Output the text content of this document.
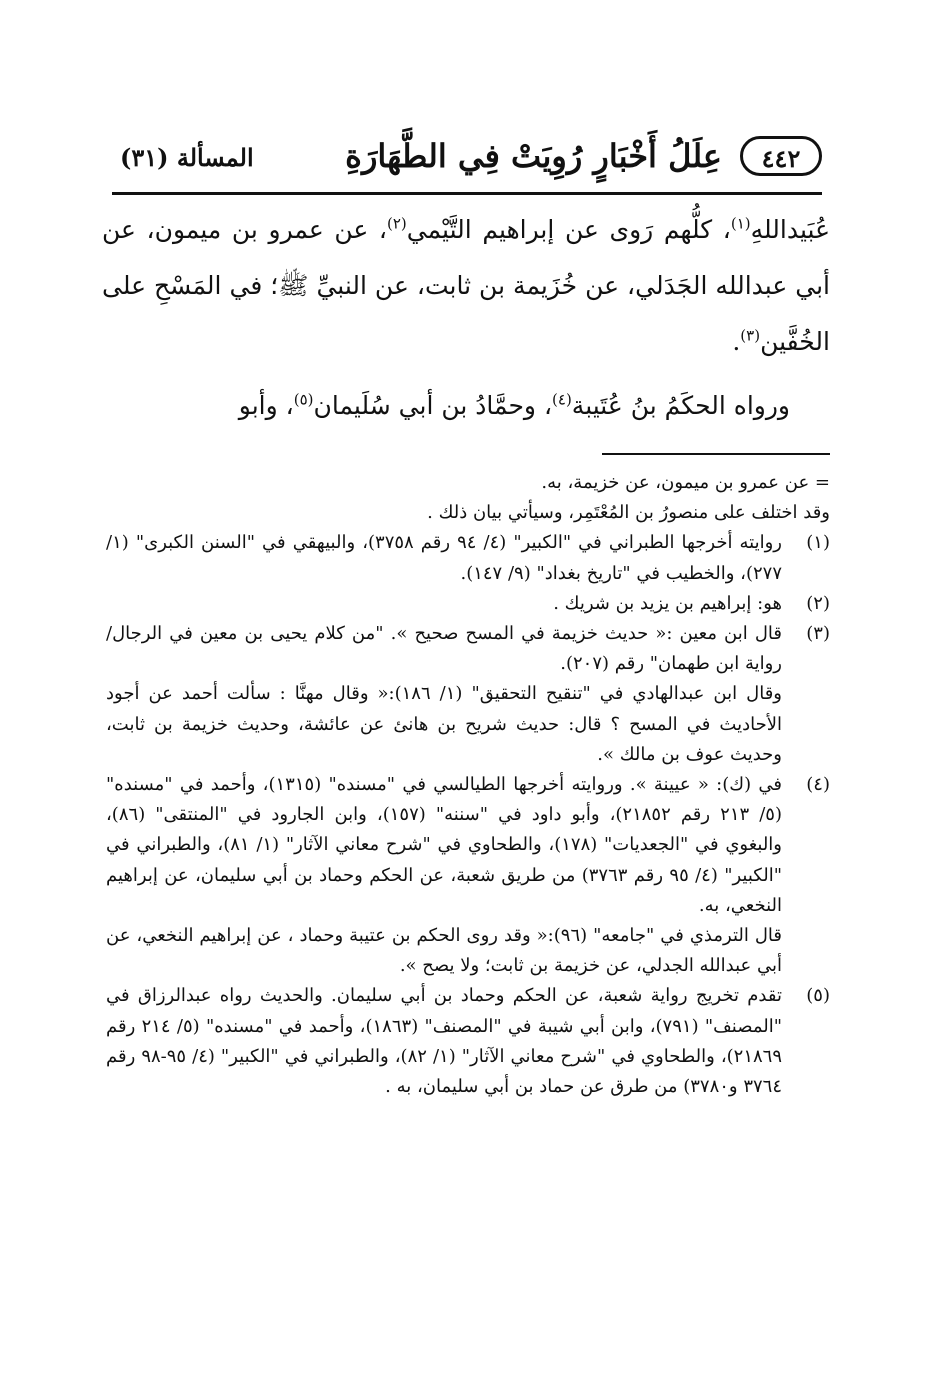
٤٤٢
عِلَلُ أَخْبَارٍ رُوِيَتْ فِي الطَّهَارَةِ
المسألة (٣١)

عُبَيداللهِ$^{(١)}$، كلُّهم رَوى عن إبراهيم التَّيْمي$^{(٢)}$، عن عمرو بن ميمون، عن أبي عبدالله الجَدَلي، عن خُزَيمة بن ثابت، عن النبيِّ ﷺ؛ في المَسْحِ على الخُفَّين$^{(٣)}$.

ورواه الحكَمُ بنُ عُتَيبة$^{(٤)}$، وحمَّادُ بن أبي سُلَيمان$^{(٥)}$، وأبو

= عن عمرو بن ميمون، عن خزيمة، به.

وقد اختلف على منصورُ بن المُعْتَمِر، وسيأتي بيان ذلك .

(١)

روايته أخرجها الطبراني في "الكبير" (٤/ ٩٤ رقم ٣٧٥٨)، والبيهقي في "السنن الكبرى" (١/ ٢٧٧)، والخطيب في "تاريخ بغداد" (٩/ ١٤٧).

(٢)

هو: إبراهيم بن يزيد بن شريك .

(٣)

قال ابن معين :« حديث خزيمة في المسح صحيح ». "من كلام يحيى بن معين في الرجال/ رواية ابن طهمان" رقم (٢٠٧).

وقال ابن عبدالهادي في "تنقيح التحقيق" (١/ ١٨٦):« وقال مهنَّا : سألت أحمد عن أجود الأحاديث في المسح ؟ قال: حديث شريح بن هانئ عن عائشة، وحديث خزيمة بن ثابت، وحديث عوف بن مالك ».

(٤)

في (ك): « عيينة ». وروايته أخرجها الطيالسي في "مسنده" (١٣١٥)، وأحمد في "مسنده" (٥/ ٢١٣ رقم ٢١٨٥٢)، وأبو داود في "سننه" (١٥٧)، وابن الجارود في "المنتقى" (٨٦)، والبغوي في "الجعديات" (١٧٨)، والطحاوي في "شرح معاني الآثار" (١/ ٨١)، والطبراني في "الكبير" (٤/ ٩٥ رقم ٣٧٦٣) من طريق شعبة، عن الحكم وحماد بن أبي سليمان، عن إبراهيم النخعي، به.

قال الترمذي في "جامعه" (٩٦):« وقد روى الحكم بن عتيبة وحماد ، عن إبراهيم النخعي، عن أبي عبدالله الجدلي، عن خزيمة بن ثابت؛ ولا يصح ».

(٥)

تقدم تخريج رواية شعبة، عن الحكم وحماد بن أبي سليمان. والحديث رواه عبدالرزاق في "المصنف" (٧٩١)، وابن أبي شيبة في "المصنف" (١٨٦٣)، وأحمد في "مسنده" (٥/ ٢١٤ رقم ٢١٨٦٩)، والطحاوي في "شرح معاني الآثار" (١/ ٨٢)، والطبراني في "الكبير" (٤/ ٩٥-٩٨ رقم ٣٧٦٤ و٣٧٨٠) من طرق عن حماد بن أبي سليمان، به .
